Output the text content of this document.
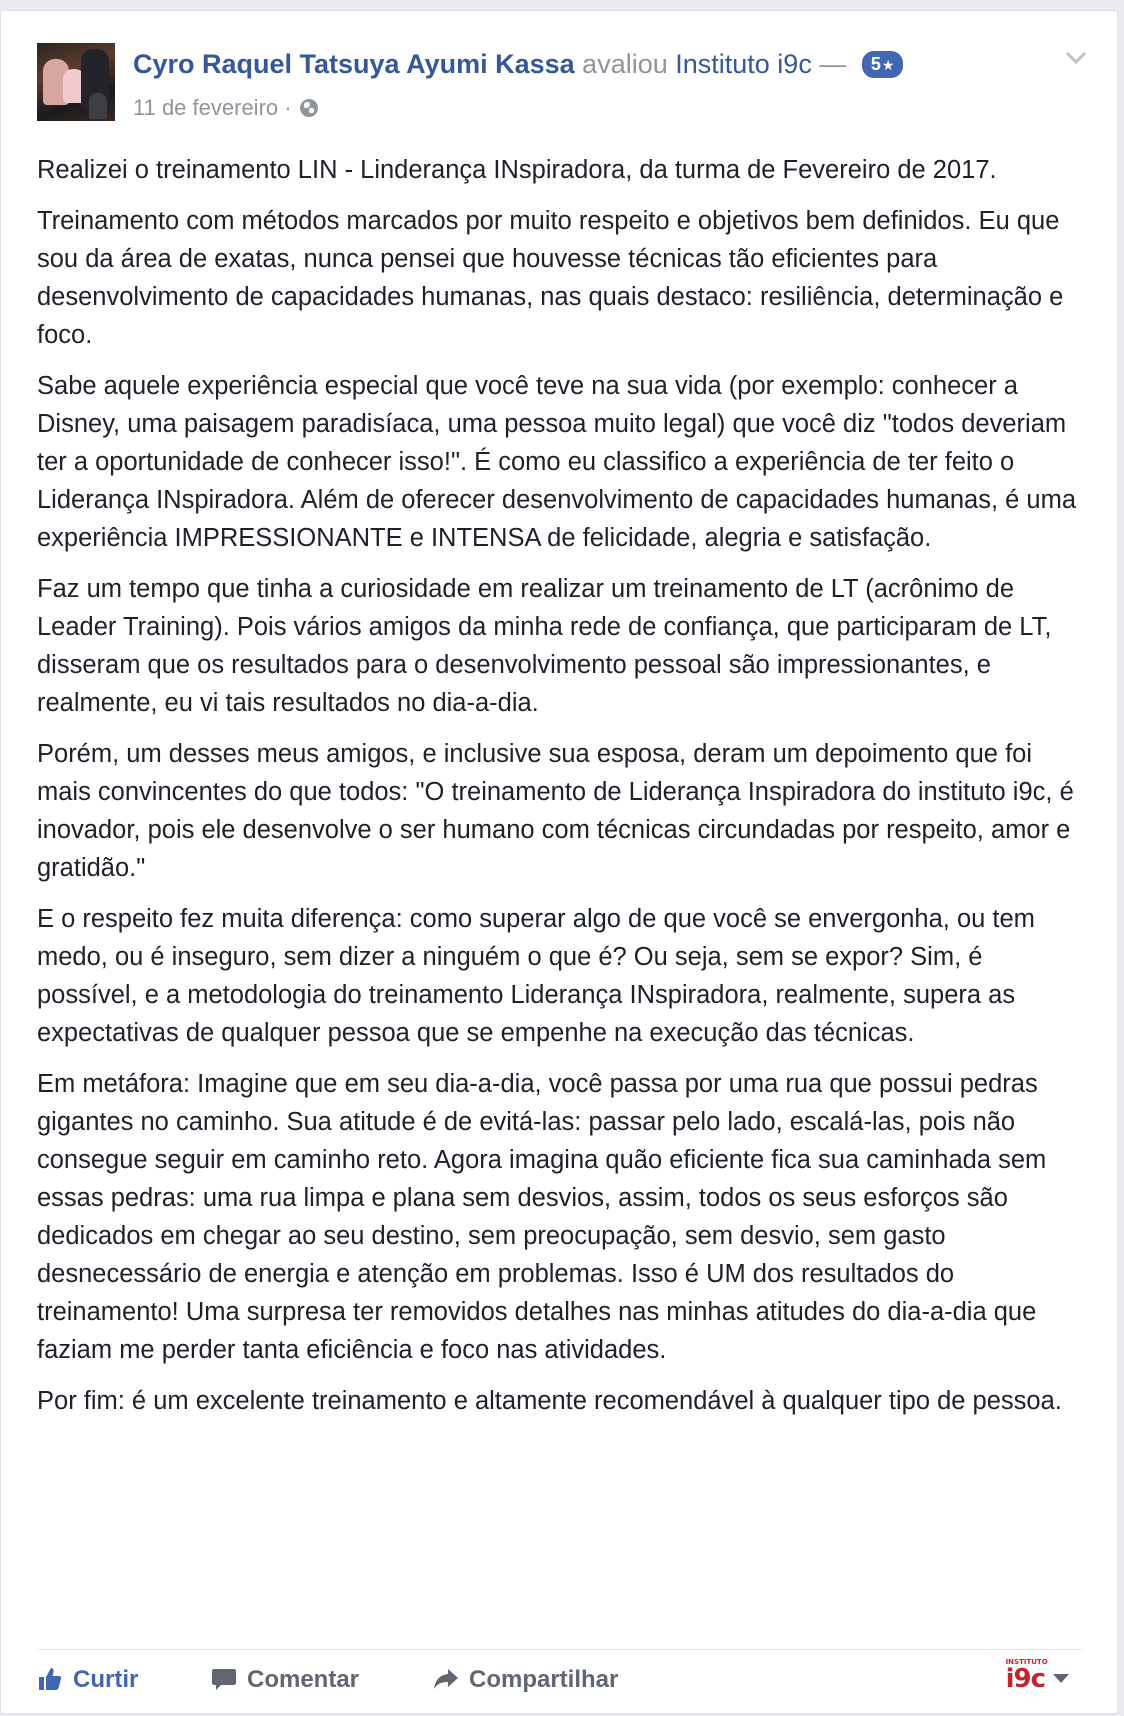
Cyro Raquel Tatsuya Ayumi Kassa avaliou Instituto i9c — 5★
11 de fevereiro ·

Realizei o treinamento LIN - Linderança INspiradora, da turma de Fevereiro de 2017.

Treinamento com métodos marcados por muito respeito e objetivos bem definidos. Eu que sou da área de exatas, nunca pensei que houvesse técnicas tão eficientes para desenvolvimento de capacidades humanas, nas quais destaco: resiliência, determinação e foco.

Sabe aquele experiência especial que você teve na sua vida (por exemplo: conhecer a Disney, uma paisagem paradisíaca, uma pessoa muito legal) que você diz "todos deveriam ter a oportunidade de conhecer isso!". É como eu classifico a experiência de ter feito o Liderança INspiradora. Além de oferecer desenvolvimento de capacidades humanas, é uma experiência IMPRESSIONANTE e INTENSA de felicidade, alegria e satisfação.

Faz um tempo que tinha a curiosidade em realizar um treinamento de LT (acrônimo de Leader Training). Pois vários amigos da minha rede de confiança, que participaram de LT, disseram que os resultados para o desenvolvimento pessoal são impressionantes, e realmente, eu vi tais resultados no dia-a-dia.

Porém, um desses meus amigos, e inclusive sua esposa, deram um depoimento que foi mais convincentes do que todos: "O treinamento de Liderança Inspiradora do instituto i9c, é inovador, pois ele desenvolve o ser humano com técnicas circundadas por respeito, amor e gratidão."

E o respeito fez muita diferença: como superar algo de que você se envergonha, ou tem medo, ou é inseguro, sem dizer a ninguém o que é? Ou seja, sem se expor? Sim, é possível, e a metodologia do treinamento Liderança INspiradora, realmente, supera as expectativas de qualquer pessoa que se empenhe na execução das técnicas.

Em metáfora: Imagine que em seu dia-a-dia, você passa por uma rua que possui pedras gigantes no caminho. Sua atitude é de evitá-las: passar pelo lado, escalá-las, pois não consegue seguir em caminho reto. Agora imagina quão eficiente fica sua caminhada sem essas pedras: uma rua limpa e plana sem desvios, assim, todos os seus esforços são dedicados em chegar ao seu destino, sem preocupação, sem desvio, sem gasto desnecessário de energia e atenção em problemas. Isso é UM dos resultados do treinamento! Uma surpresa ter removidos detalhes nas minhas atitudes do dia-a-dia que faziam me perder tanta eficiência e foco nas atividades.

Por fim: é um excelente treinamento e altamente recomendável à qualquer tipo de pessoa.

Curtir	Comentar	Compartilhar
INSTITUTO
i9c
